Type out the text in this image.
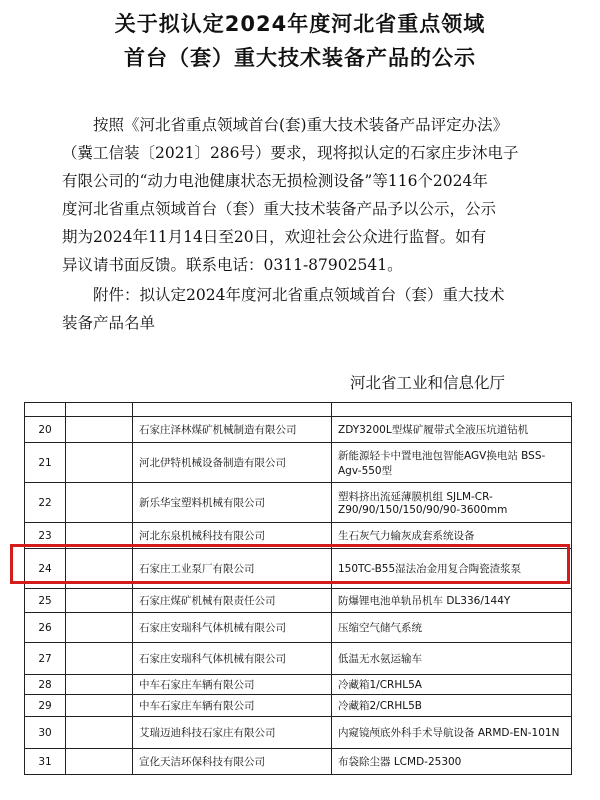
关于拟认定2024年度河北省重点领域
首台（套）重大技术装备产品的公示
按照《河北省重点领域首台(套)重大技术装备产品评定办法》
（冀工信装〔2021〕286号）要求，现将拟认定的石家庄步沐电子
有限公司的“动力电池健康状态无损检测设备”等116个2024年
度河北省重点领域首台（套）重大技术装备产品予以公示，公示
期为2024年11月14日至20日，欢迎社会公众进行监督。如有
异议请书面反馈。联系电话：0311-87902541。
附件：拟认定2024年度河北省重点领域首台（套）重大技术
装备产品名单
河北省工业和信息化厅

20		石家庄泽林煤矿机械制造有限公司	ZDY3200L型煤矿履带式全液压坑道钻机
21		河北伊特机械设备制造有限公司	新能源轻卡中置电池包智能AGV换电站 BSS-Agv-550型
22		新乐华宝塑料机械有限公司	塑料挤出流延薄膜机组 SJLM-CR-Z90/90/150/150/90/90-3600mm
23		河北东泉机械科技有限公司	生石灰气力输灰成套系统设备
24		石家庄工业泵厂有限公司	150TC-B55湿法冶金用复合陶瓷渣浆泵
25		石家庄煤矿机械有限责任公司	防爆锂电池单轨吊机车 DL336/144Y
26		石家庄安瑞科气体机械有限公司	压缩空气储气系统
27		石家庄安瑞科气体机械有限公司	低温无水氨运输车
28		中车石家庄车辆有限公司	冷藏箱1/CRHL5A
29		中车石家庄车辆有限公司	冷藏箱2/CRHL5B
30		艾瑞迈迪科技石家庄有限公司	内窥镜颅底外科手术导航设备 ARMD-EN-101N
31		宣化天洁环保科技有限公司	布袋除尘器 LCMD-25300
